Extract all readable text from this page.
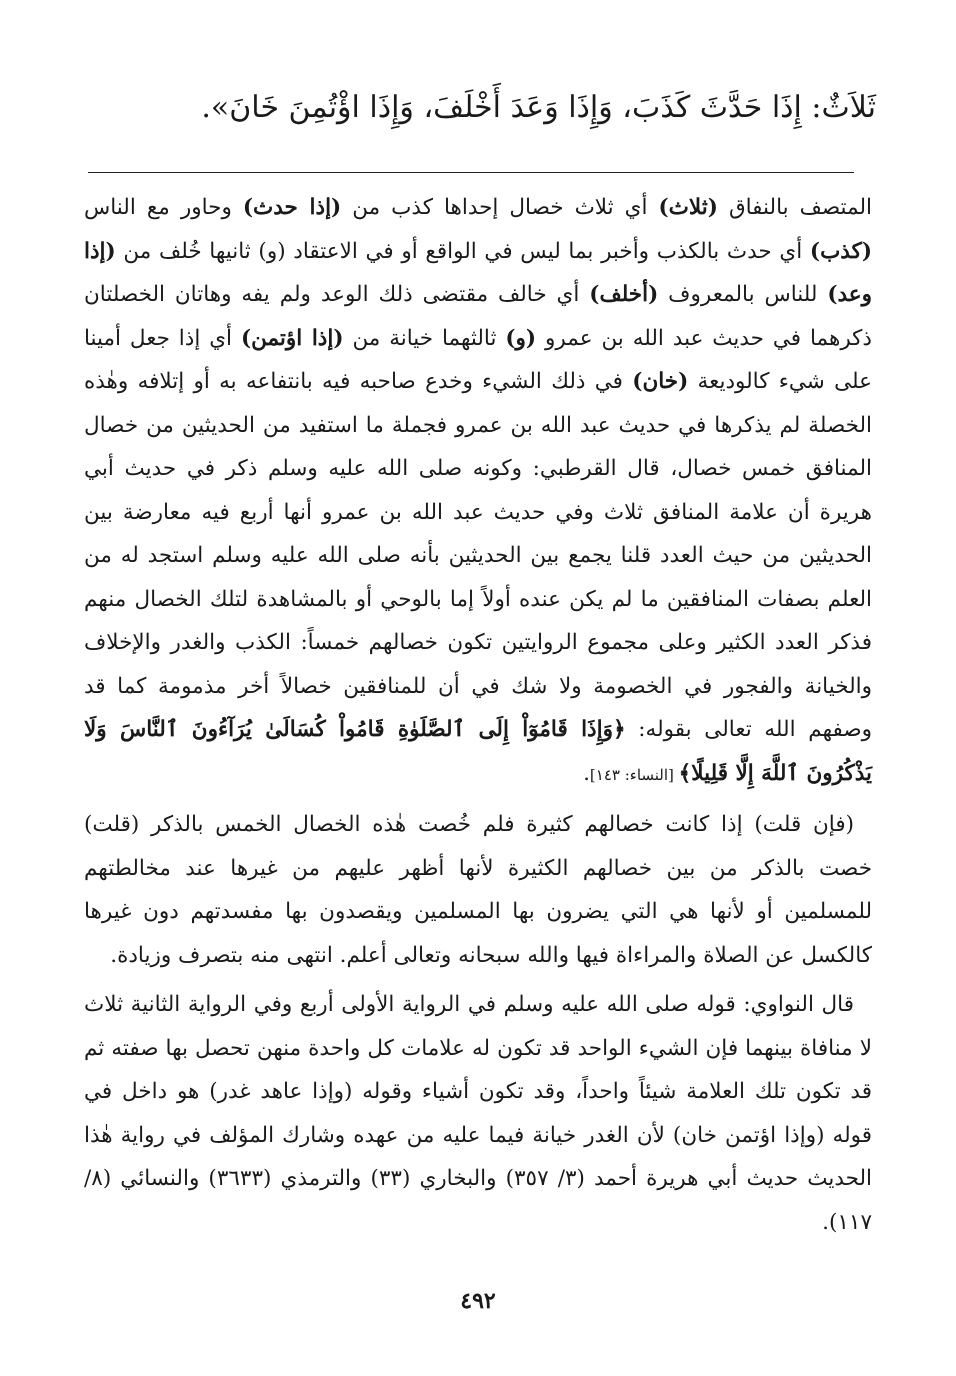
ثَلاَثٌ: إِذَا حَدَّثَ كَذَبَ، وَإِذَا وَعَدَ أَخْلَفَ، وَإِذَا اؤْتُمِنَ خَانَ».

المتصف بالنفاق (ثلاث) أي ثلاث خصال إحداها كذب من (إذا حدث) وحاور مع الناس (كذب) أي حدث بالكذب وأخبر بما ليس في الواقع أو في الاعتقاد (و) ثانيها خُلف من (إذا وعد) للناس بالمعروف (أخلف) أي خالف مقتضى ذلك الوعد ولم يفه وهاتان الخصلتان ذكرهما في حديث عبد الله بن عمرو (و) ثالثهما خيانة من (إذا اؤتمن) أي إذا جعل أمينا على شيء كالوديعة (خان) في ذلك الشيء وخدع صاحبه فيه بانتفاعه به أو إتلافه وهٰذه الخصلة لم يذكرها في حديث عبد الله بن عمرو فجملة ما استفيد من الحديثين من خصال المنافق خمس خصال، قال القرطبي: وكونه صلى الله عليه وسلم ذكر في حديث أبي هريرة أن علامة المنافق ثلاث وفي حديث عبد الله بن عمرو أنها أربع فيه معارضة بين الحديثين من حيث العدد قلنا يجمع بين الحديثين بأنه صلى الله عليه وسلم استجد له من العلم بصفات المنافقين ما لم يكن عنده أولاً إما بالوحي أو بالمشاهدة لتلك الخصال منهم فذكر العدد الكثير وعلى مجموع الروايتين تكون خصالهم خمساً: الكذب والغدر والإخلاف والخيانة والفجور في الخصومة ولا شك في أن للمنافقين خصالاً أخر مذمومة كما قد وصفهم الله تعالى بقوله: ﴿وَإِذَا قَامُوٓاْ إِلَى ٱلصَّلَوٰةِ قَامُواْ كُسَالَىٰ يُرَآءُونَ ٱلنَّاسَ وَلَا يَذْكُرُونَ ٱللَّهَ إِلَّا قَلِيلًا﴾ [النساء: ١٤٣].

(فإن قلت) إذا كانت خصالهم كثيرة فلم خُصت هٰذه الخصال الخمس بالذكر (قلت) خصت بالذكر من بين خصالهم الكثيرة لأنها أظهر عليهم من غيرها عند مخالطتهم للمسلمين أو لأنها هي التي يضرون بها المسلمين ويقصدون بها مفسدتهم دون غيرها كالكسل عن الصلاة والمراءاة فيها والله سبحانه وتعالى أعلم. انتهى منه بتصرف وزيادة.

قال النواوي: قوله صلى الله عليه وسلم في الرواية الأولى أربع وفي الرواية الثانية ثلاث لا منافاة بينهما فإن الشيء الواحد قد تكون له علامات كل واحدة منهن تحصل بها صفته ثم قد تكون تلك العلامة شيئاً واحداً، وقد تكون أشياء وقوله (وإذا عاهد غدر) هو داخل في قوله (وإذا اؤتمن خان) لأن الغدر خيانة فيما عليه من عهده وشارك المؤلف في رواية هٰذا الحديث حديث أبي هريرة أحمد (٣/ ٣٥٧) والبخاري (٣٣) والترمذي (٣٦٣٣) والنسائي (٨/ ١١٧).

٤٩٢
